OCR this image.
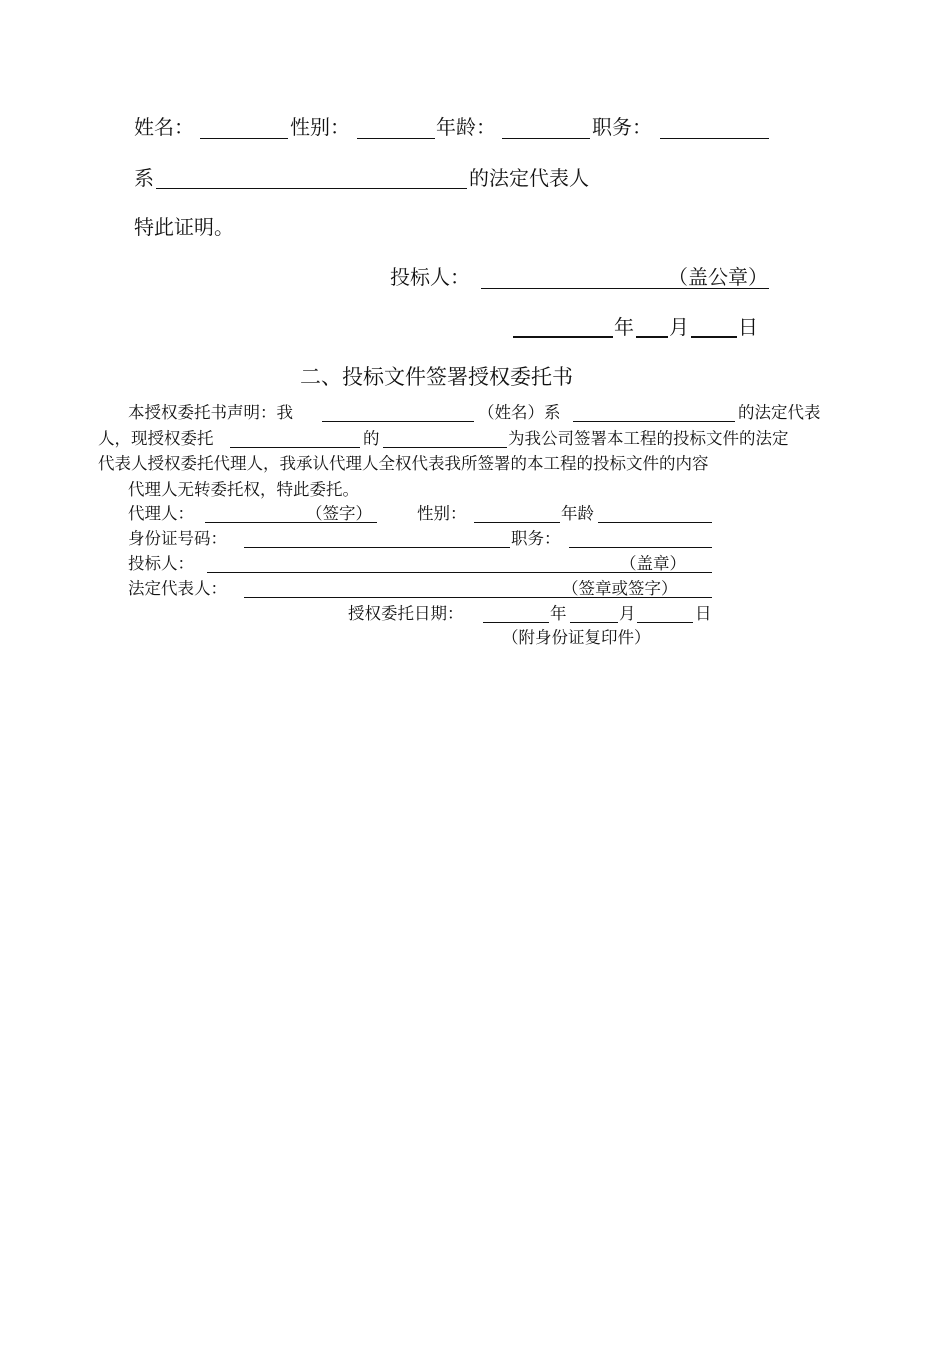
姓名：	性别：	年龄：	职务：
系	的法定代表人
特此证明。
投标人：	（盖公章）
年 月 日
二、投标文件签署授权委托书
本授权委托书声明：我	（姓名）系	的法定代表
人，现授权委托	的	为我公司签署本工程的投标文件的法定
代表人授权委托代理人，我承认代理人全权代表我所签署的本工程的投标文件的内容
代理人无转委托权，特此委托。
代理人：	（签字）	性别：	年龄
身份证号码：	职务：
投标人：	（盖章）
法定代表人：	（签章或签字）
授权委托日期：	年	月	日
（附身份证复印件）
